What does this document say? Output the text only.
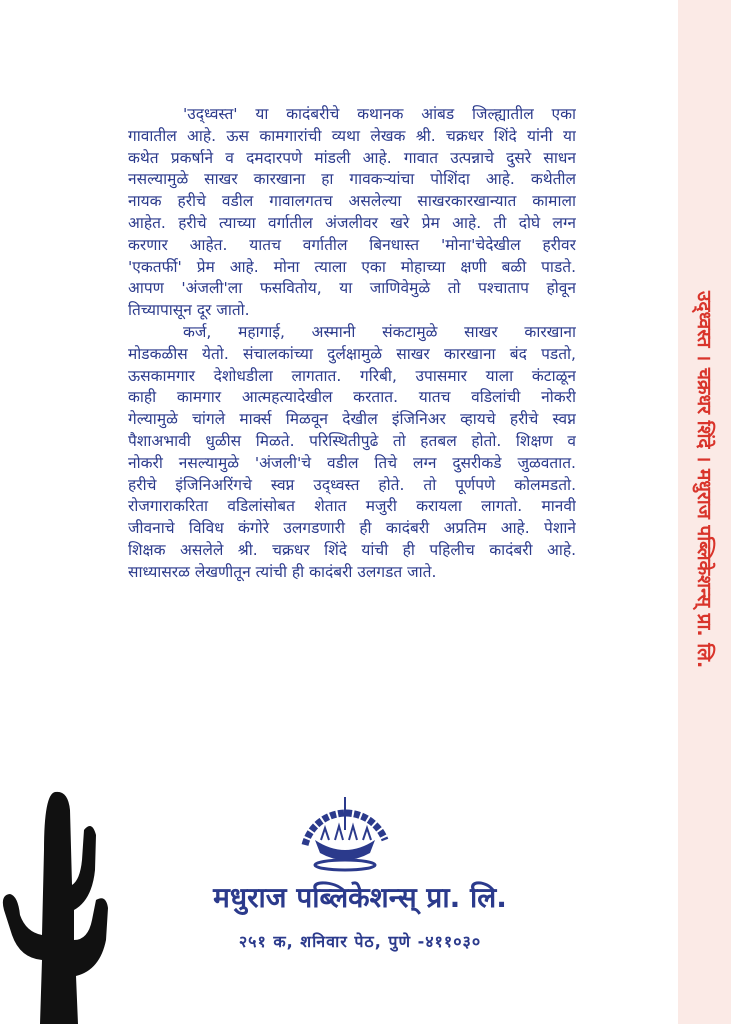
उद्ध्वस्त । चक्रधर शिंदे । मधुराज पब्लिकेशन्स् प्रा. लि.
'उद्ध्वस्त' या कादंबरीचे कथानक आंबड जिल्ह्यातील एका
गावातील आहे. ऊस कामगारांची व्यथा लेखक श्री. चक्रधर शिंदे यांनी या
कथेत प्रकर्षाने व दमदारपणे मांडली आहे. गावात उत्पन्नाचे दुसरे साधन
नसल्यामुळे साखर कारखाना हा गावकऱ्यांचा पोशिंदा आहे. कथेतील
नायक हरीचे वडील गावालगतच असलेल्या साखरकारखान्यात कामाला
आहेत. हरीचे त्याच्या वर्गातील अंजलीवर खरे प्रेम आहे. ती दोघे लग्न
करणार आहेत. यातच वर्गातील बिनधास्त 'मोना'चेदेखील हरीवर
'एकतर्फी' प्रेम आहे. मोना त्याला एका मोहाच्या क्षणी बळी पाडते.
आपण 'अंजली'ला फसवितोय, या जाणिवेमुळे तो पश्चाताप होवून
तिच्यापासून दूर जातो.
कर्ज, महागाई, अस्मानी संकटामुळे साखर कारखाना
मोडकळीस येतो. संचालकांच्या दुर्लक्षामुळे साखर कारखाना बंद पडतो,
ऊसकामगार देशोधडीला लागतात. गरिबी, उपासमार याला कंटाळून
काही कामगार आत्महत्यादेखील करतात. यातच वडिलांची नोकरी
गेल्यामुळे चांगले मार्क्स मिळवून देखील इंजिनिअर व्हायचे हरीचे स्वप्न
पैशाअभावी धुळीस मिळते. परिस्थितीपुढे तो हतबल होतो. शिक्षण व
नोकरी नसल्यामुळे 'अंजली'चे वडील तिचे लग्न दुसरीकडे जुळवतात.
हरीचे इंजिनिअरिंगचे स्वप्न उद्ध्वस्त होते. तो पूर्णपणे कोलमडतो.
रोजगाराकरिता वडिलांसोबत शेतात मजुरी करायला लागतो. मानवी
जीवनाचे विविध कंगोरे उलगडणारी ही कादंबरी अप्रतिम आहे. पेशाने
शिक्षक असलेले श्री. चक्रधर शिंदे यांची ही पहिलीच कादंबरी आहे.
साध्यासरळ लेखणीतून त्यांची ही कादंबरी उलगडत जाते.
मधुराज पब्लिकेशन्स् प्रा. लि.
२५१ क, शनिवार पेठ, पुणे -४११०३०
